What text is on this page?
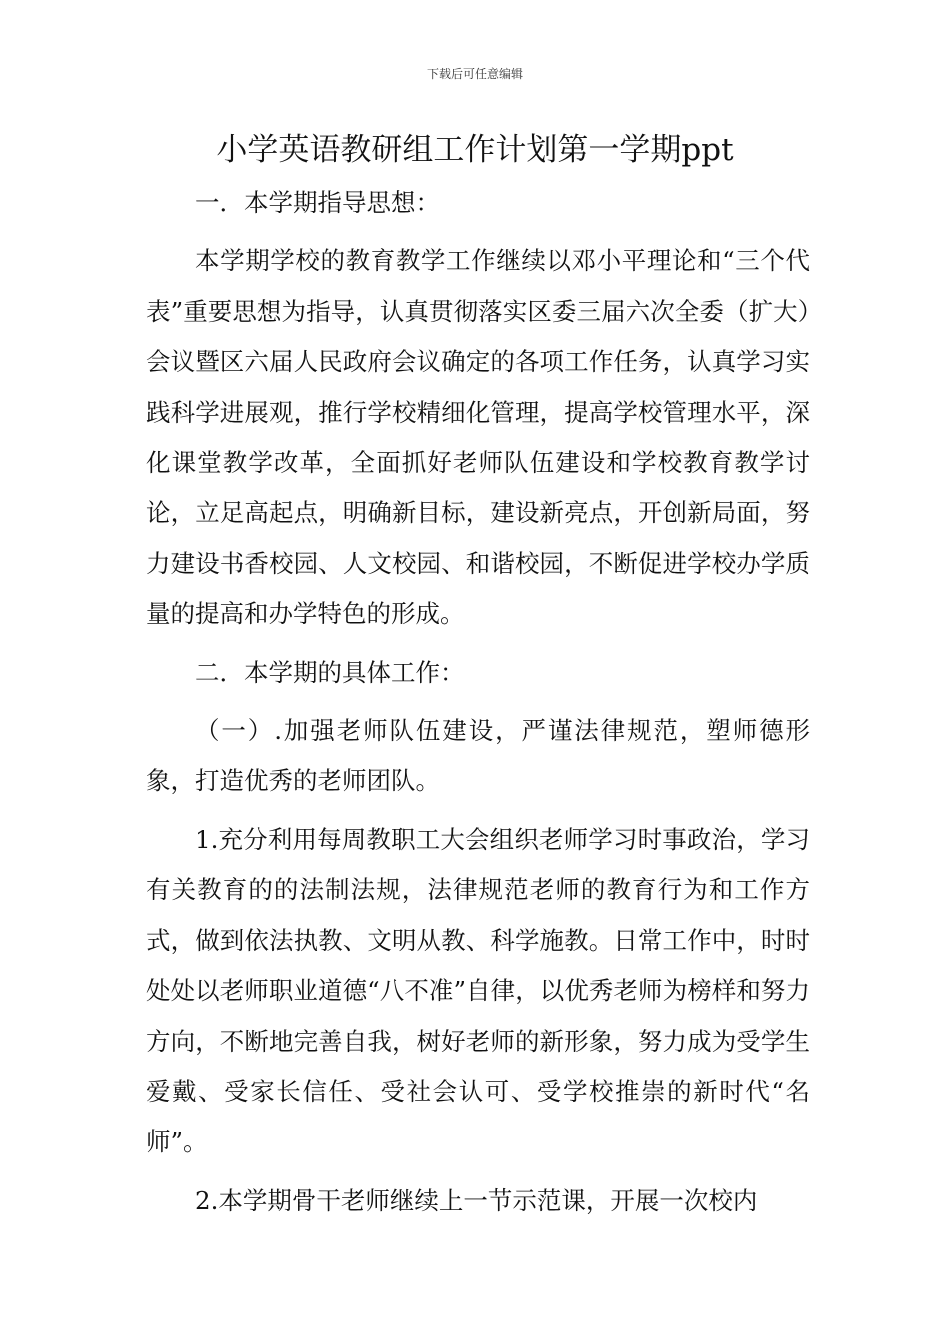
下载后可任意编辑
小学英语教研组工作计划第一学期ppt

一．本学期指导思想：

本学期学校的教育教学工作继续以邓小平理论和“三个代表”重要思想为指导，认真贯彻落实区委三届六次全委（扩大）会议暨区六届人民政府会议确定的各项工作任务，认真学习实践科学进展观，推行学校精细化管理，提高学校管理水平，深化课堂教学改革，全面抓好老师队伍建设和学校教育教学讨论，立足高起点，明确新目标，建设新亮点，开创新局面，努力建设书香校园、人文校园、和谐校园，不断促进学校办学质量的提高和办学特色的形成。

二．本学期的具体工作：

（一）.加强老师队伍建设，严谨法律规范，塑师德形象，打造优秀的老师团队。

1.充分利用每周教职工大会组织老师学习时事政治，学习有关教育的的法制法规，法律规范老师的教育行为和工作方式，做到依法执教、文明从教、科学施教。日常工作中，时时处处以老师职业道德“八不准”自律，以优秀老师为榜样和努力方向，不断地完善自我，树好老师的新形象，努力成为受学生爱戴、受家长信任、受社会认可、受学校推崇的新时代“名师”。

2.本学期骨干老师继续上一节示范课，开展一次校内
